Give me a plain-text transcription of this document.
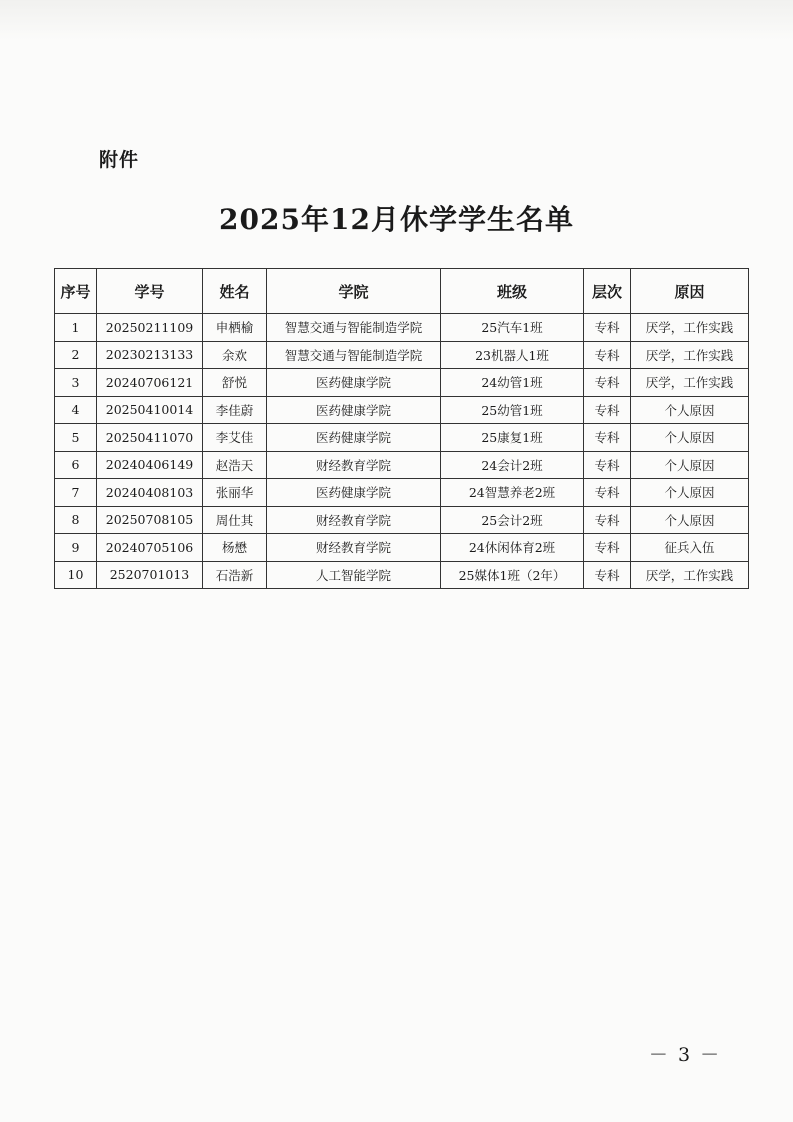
附件
2025年12月休学学生名单
序号	学号	姓名	学院	班级	层次	原因
1	20250211109	申栖榆	智慧交通与智能制造学院	25汽车1班	专科	厌学，工作实践
2	20230213133	余欢	智慧交通与智能制造学院	23机器人1班	专科	厌学，工作实践
3	20240706121	舒悦	医药健康学院	24幼管1班	专科	厌学，工作实践
4	20250410014	李佳蔚	医药健康学院	25幼管1班	专科	个人原因
5	20250411070	李艾佳	医药健康学院	25康复1班	专科	个人原因
6	20240406149	赵浩天	财经教育学院	24会计2班	专科	个人原因
7	20240408103	张丽华	医药健康学院	24智慧养老2班	专科	个人原因
8	20250708105	周仕其	财经教育学院	25会计2班	专科	个人原因
9	20240705106	杨懋	财经教育学院	24休闲体育2班	专科	征兵入伍
10	2520701013	石浩新	人工智能学院	25媒体1班（2年）	专科	厌学，工作实践
－ 3 －
